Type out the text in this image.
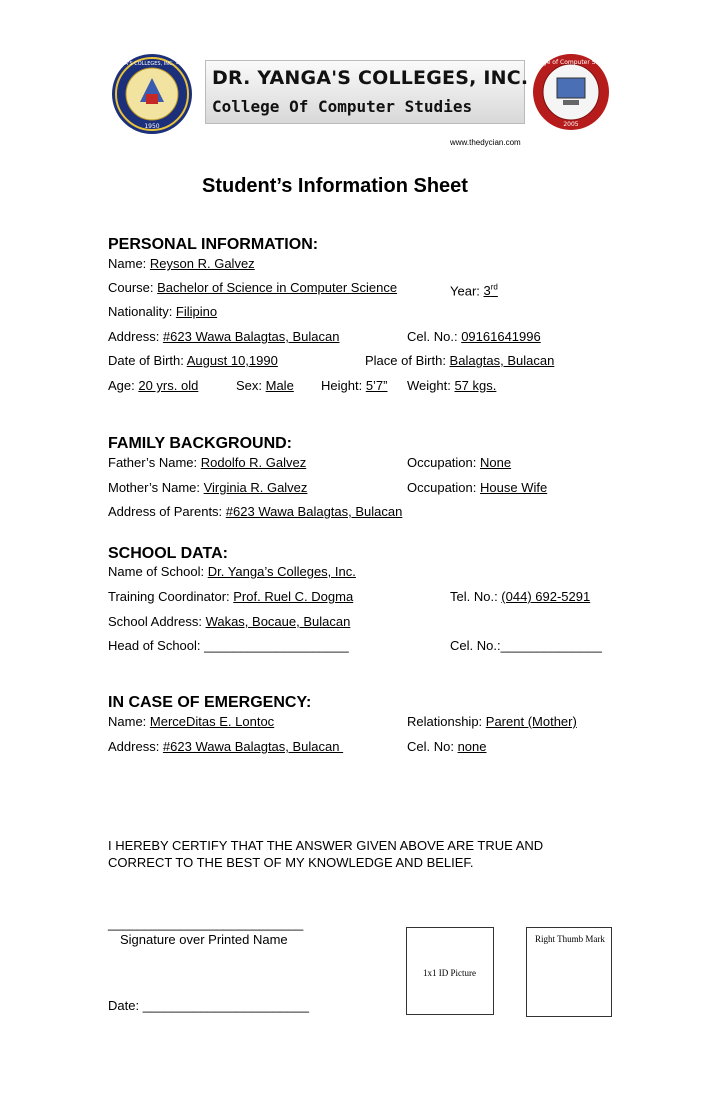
DR. YANGA'S COLLEGES, INC. • COLLEGE
1950
DR. YANGA'S COLLEGES, INC.
College Of Computer Studies
College of Computer Studies
2005
www.thedycian.com
Student’s Information Sheet
PERSONAL INFORMATION:
Name: Reyson R. Galvez
Course: Bachelor of Science in Computer Science	Year: 3rd
Nationality: Filipino
Address: #623 Wawa Balagtas, Bulacan	Cel. No.: 09161641996
Date of Birth: August 10,1990	Place of Birth: Balagtas, Bulacan
Age: 20 yrs. old	Sex: Male Height: 5’7” Weight: 57 kgs.
FAMILY BACKGROUND:
Father’s Name: Rodolfo R. Galvez	Occupation: None
Mother’s Name: Virginia R. Galvez	Occupation: House Wife
Address of Parents: #623 Wawa Balagtas, Bulacan
SCHOOL DATA:
Name of School: Dr. Yanga’s Colleges, Inc.
Training Coordinator: Prof. Ruel C. Dogma	Tel. No.: (044) 692-5291
School Address: Wakas, Bocaue, Bulacan
Head of School: ____________________	Cel. No.:______________
IN CASE OF EMERGENCY:
Name: MerceDitas E. Lontoc	Relationship: Parent (Mother)
Address: #623 Wawa Balagtas, Bulacan	Cel. No: none
I HEREBY CERTIFY THAT THE ANSWER GIVEN ABOVE ARE TRUE AND
CORRECT TO THE BEST OF MY KNOWLEDGE AND BELIEF.
___________________________
Signature over Printed Name
1x1 ID Picture
Right Thumb Mark
Date: _______________________
